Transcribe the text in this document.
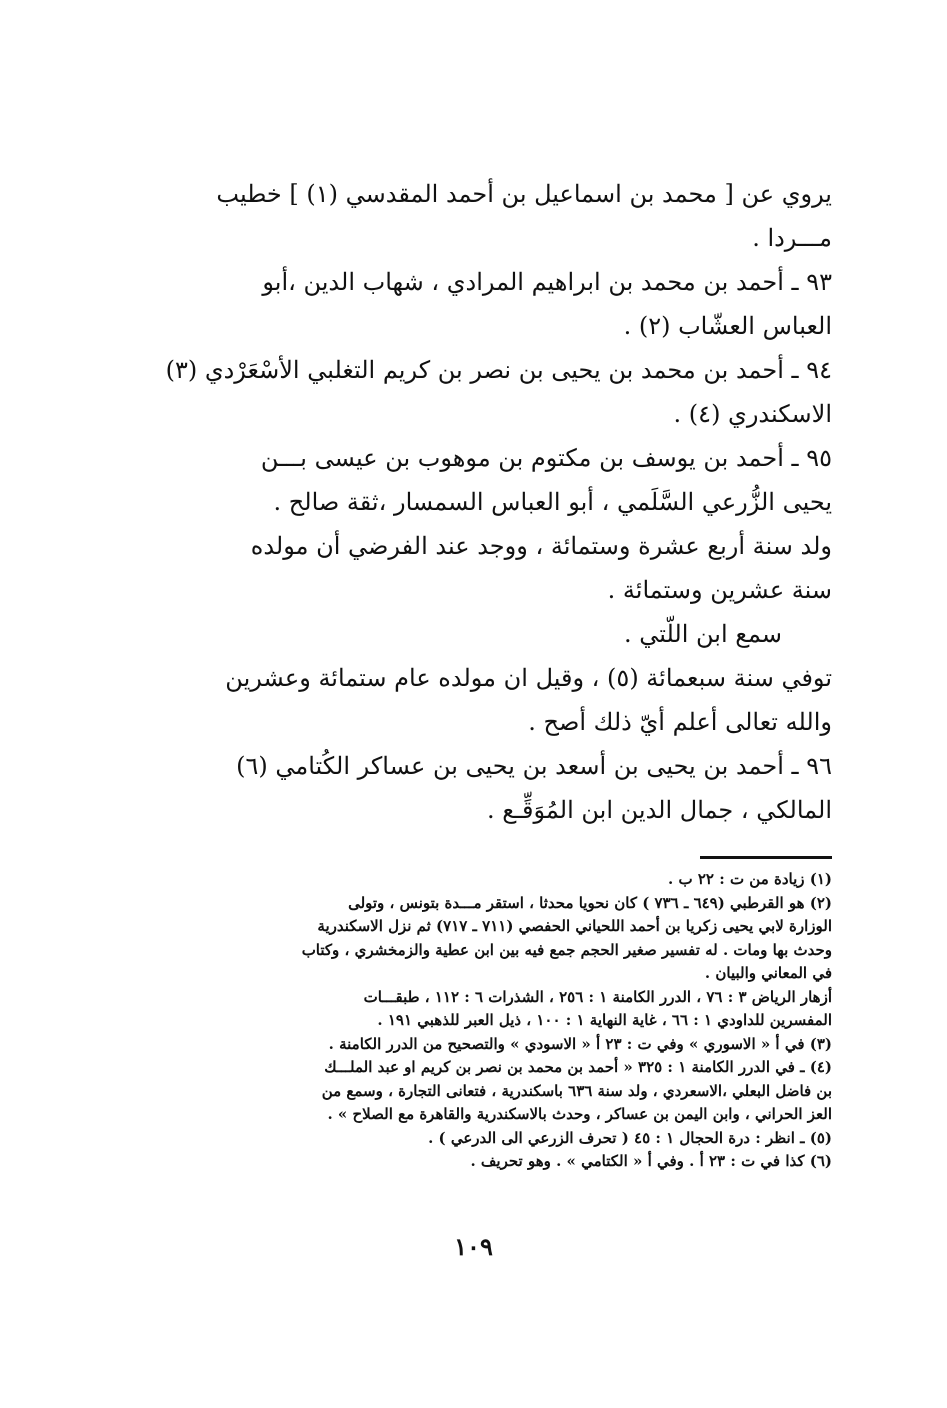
يروي عن [ محمد بن اسماعيل بن أحمد المقدسي (١) ] خطيب
مـــردا .
٩٣ ـ أحمد بن محمد بن ابراهيم المرادي ، شهاب الدين ،أبو
العباس العشّاب (٢) .
٩٤ ـ أحمد بن محمد بن يحيى بن نصر بن كريم التغلبي الأسْعَرْدي (٣)
الاسكندري (٤) .
٩٥ ـ أحمد بن يوسف بن مكتوم بن موهوب بن عيسى بـــن
يحيى الزُّرعي السَّلَمي ، أبو العباس السمسار ،ثقة صالح .
ولد سنة أربع عشرة وستمائة ، ووجد عند الفرضي أن مولده
سنة عشرين وستمائة .
سمع ابن اللّتي .
توفي سنة سبعمائة (٥) ، وقيل ان مولده عام ستمائة وعشرين
والله تعالى أعلم أيّ ذلك أصح .
٩٦ ـ أحمد بن يحيى بن أسعد بن يحيى بن عساكر الكُتامي (٦)
المالكي ، جمال الدين ابن المُوَقِّـع .
(١) زيادة من ت : ٢٢ ب .
(٢) هو القرطبي (٦٤٩ ـ ٧٣٦ ) كان نحويا محدثا ، استقر مـــدة بتونس ، وتولى
الوزارة لابي يحيى زكريا بن أحمد اللحياني الحفصي (٧١١ ـ ٧١٧) ثم نزل الاسكندرية
وحدث بها ومات . له تفسير صغير الحجم جمع فيه بين ابن عطية والزمخشري ، وكتاب
في المعاني والبيان .
أزهار الرياض ٣ : ٧٦ ، الدرر الكامنة ١ : ٢٥٦ ، الشذرات ٦ : ١١٢ ، طبقـــات
المفسرين للداودي ١ : ٦٦ ، غاية النهاية ١ : ١٠٠ ، ذيل العبر للذهبي ١٩١ .
(٣) في أ « الاسوري » وفي ت : ٢٣ أ « الاسودي » والتصحيح من الدرر الكامنة .
(٤) ـ في الدرر الكامنة ١ : ٣٢٥ « أحمد بن محمد بن نصر بن كريم او عبد الملـــك
بن فاضل البعلي ،الاسعردي ، ولد سنة ٦٣٦ باسكندرية ، فتعانى التجارة ، وسمع من
العز الحراني ، وابن اليمن بن عساكر ، وحدث بالاسكندرية والقاهرة مع الصلاح » .
(٥) ـ انظر : درة الحجال ١ : ٤٥ ( تحرف الزرعي الى الدرعي ) .
(٦) كذا في ت : ٢٣ أ . وفي أ « الكتامي » . وهو تحريف .
١٠٩
